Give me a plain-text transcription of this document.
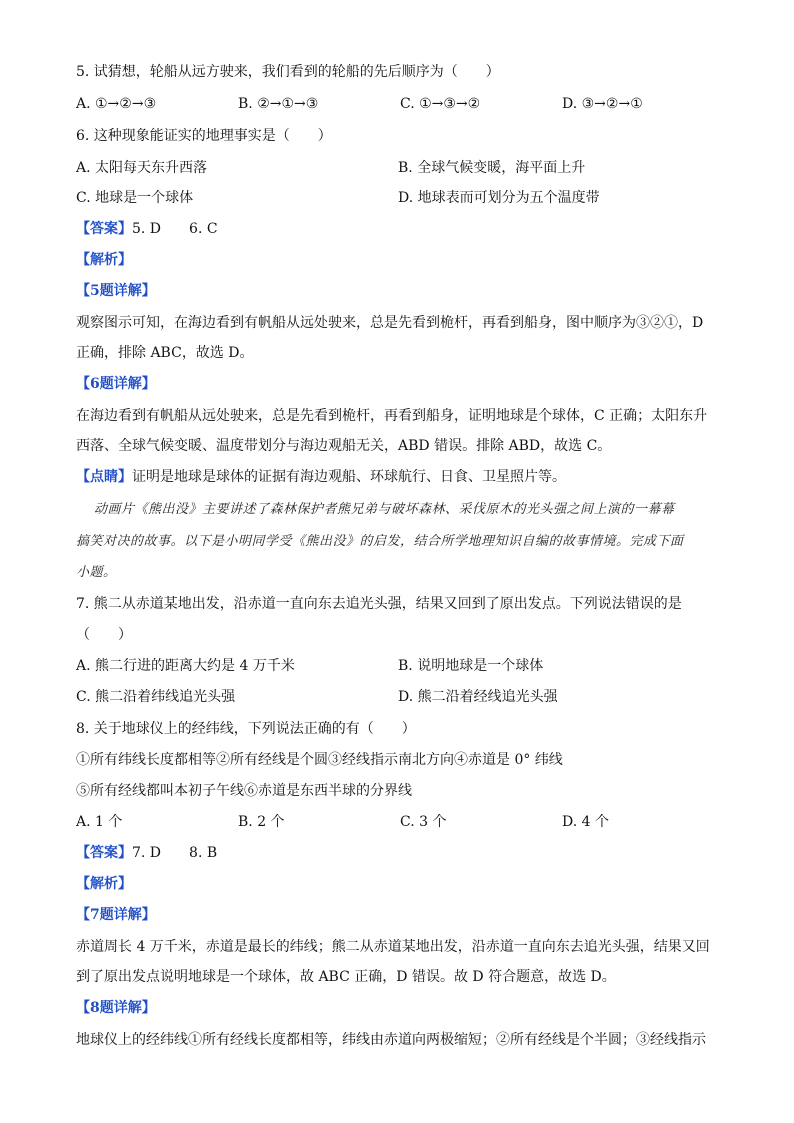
5. 试猜想，轮船从远方驶来，我们看到的轮船的先后顺序为（　　）
A. ①→②→③	B. ②→①→③	C. ①→③→②	D. ③→②→①
6. 这种现象能证实的地理事实是（　　）
A. 太阳每天东升西落	B. 全球气候变暖，海平面上升
C. 地球是一个球体	D. 地球表而可划分为五个温度带
【答案】5. D　　6. C
【解析】
【5题详解】
观察图示可知，在海边看到有帆船从远处驶来，总是先看到桅杆，再看到船身，图中顺序为③②①，D
正确，排除 ABC，故选 D。
【6题详解】
在海边看到有帆船从远处驶来，总是先看到桅杆，再看到船身，证明地球是个球体，C 正确；太阳东升
西落、全球气候变暖、温度带划分与海边观船无关，ABD 错误。排除 ABD，故选 C。
【点睛】证明是地球是球体的证据有海边观船、环球航行、日食、卫星照片等。
动画片《熊出没》主要讲述了森林保护者熊兄弟与破坏森林、采伐原木的光头强之间上演的一幕幕
搞笑对决的故事。以下是小明同学受《熊出没》的启发，结合所学地理知识自编的故事情境。完成下面
小题。
7. 熊二从赤道某地出发，沿赤道一直向东去追光头强，结果又回到了原出发点。下列说法错误的是
（　　）
A. 熊二行进的距离大约是 4 万千米	B. 说明地球是一个球体
C. 熊二沿着纬线追光头强	D. 熊二沿着经线追光头强
8. 关于地球仪上的经纬线，下列说法正确的有（　　）
①所有纬线长度都相等②所有经线是个圆③经线指示南北方向④赤道是 0° 纬线
⑤所有经线都叫本初子午线⑥赤道是东西半球的分界线
A. 1 个	B. 2 个	C. 3 个	D. 4 个
【答案】7. D　　8. B
【解析】
【7题详解】
赤道周长 4 万千米，赤道是最长的纬线；熊二从赤道某地出发，沿赤道一直向东去追光头强，结果又回
到了原出发点说明地球是一个球体，故 ABC 正确，D 错误。故 D 符合题意，故选 D。
【8题详解】
地球仪上的经纬线①所有经线长度都相等，纬线由赤道向两极缩短；②所有经线是个半圆；③经线指示
